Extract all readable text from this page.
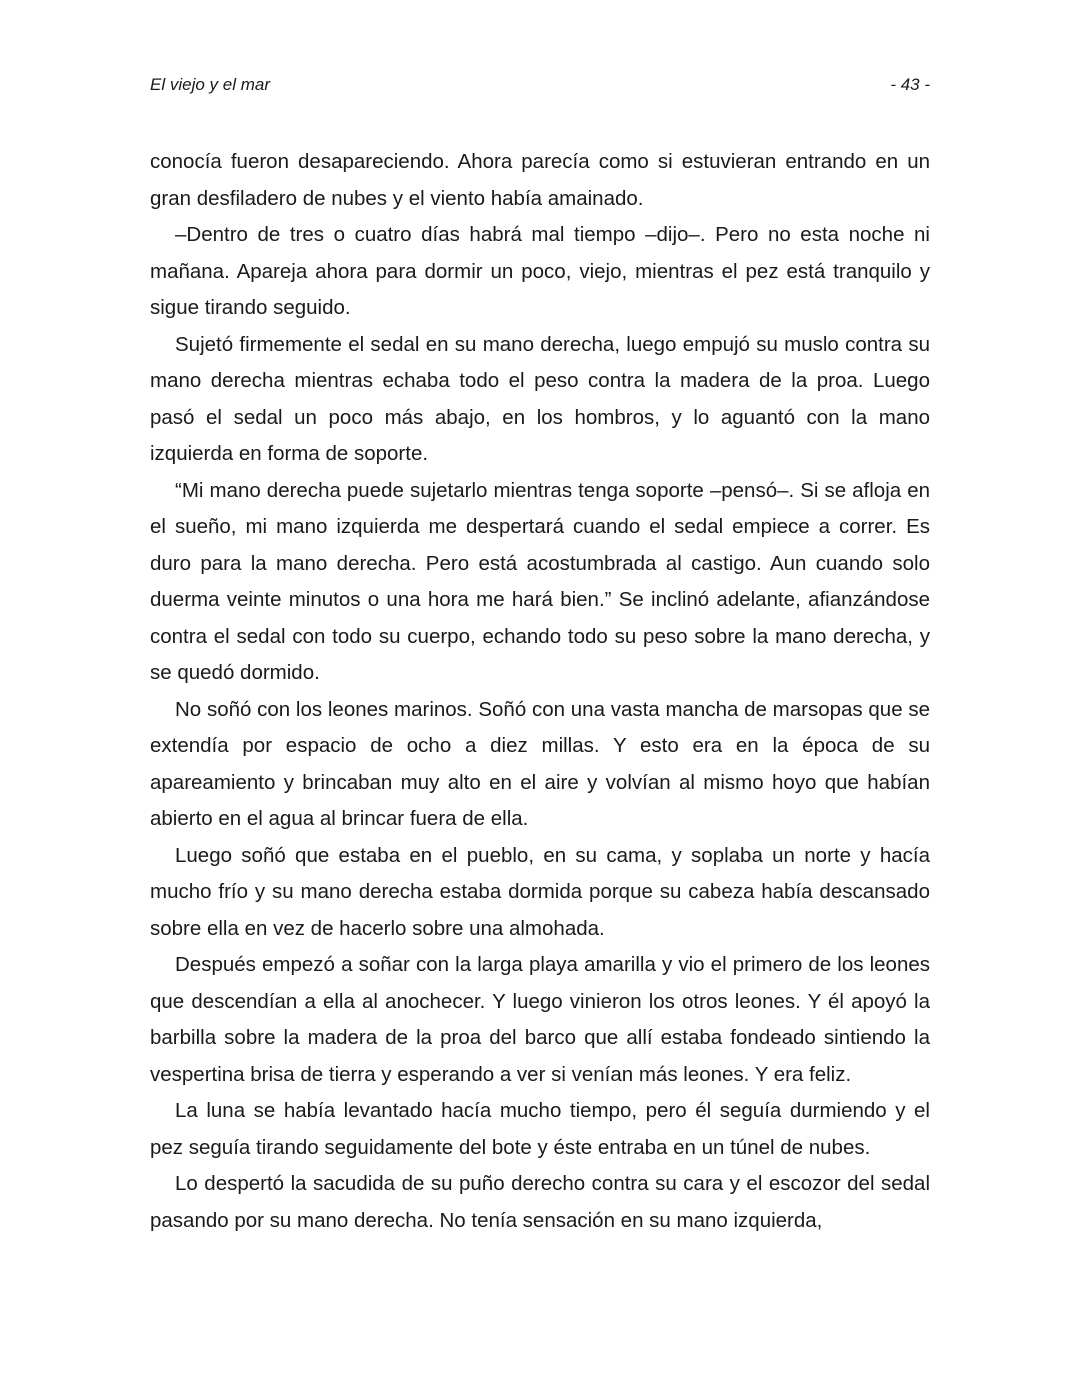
El viejo y el mar	- 43 -

conocía fueron desapareciendo. Ahora parecía como si estuvieran entrando en un gran desfiladero de nubes y el viento había amainado.

–Dentro de tres o cuatro días habrá mal tiempo –dijo–. Pero no esta noche ni mañana. Apareja ahora para dormir un poco, viejo, mientras el pez está tranquilo y sigue tirando seguido.

Sujetó firmemente el sedal en su mano derecha, luego empujó su muslo contra su mano derecha mientras echaba todo el peso contra la madera de la proa. Luego pasó el sedal un poco más abajo, en los hombros, y lo aguantó con la mano izquierda en forma de soporte.

“Mi mano derecha puede sujetarlo mientras tenga soporte –pensó–. Si se afloja en el sueño, mi mano izquierda me despertará cuando el sedal empiece a correr. Es duro para la mano derecha. Pero está acostumbrada al castigo. Aun cuando solo duerma veinte minutos o una hora me hará bien.” Se inclinó adelante, afianzándose contra el sedal con todo su cuerpo, echando todo su peso sobre la mano derecha, y se quedó dormido.

No soñó con los leones marinos. Soñó con una vasta mancha de marsopas que se extendía por espacio de ocho a diez millas. Y esto era en la época de su apareamiento y brincaban muy alto en el aire y volvían al mismo hoyo que habían abierto en el agua al brincar fuera de ella.

Luego soñó que estaba en el pueblo, en su cama, y soplaba un norte y hacía mucho frío y su mano derecha estaba dormida porque su cabeza había descansado sobre ella en vez de hacerlo sobre una almohada.

Después empezó a soñar con la larga playa amarilla y vio el primero de los leones que descendían a ella al anochecer. Y luego vinieron los otros leones. Y él apoyó la barbilla sobre la madera de la proa del barco que allí estaba fondeado sintiendo la vespertina brisa de tierra y esperando a ver si venían más leones. Y era feliz.

La luna se había levantado hacía mucho tiempo, pero él seguía durmiendo y el pez seguía tirando seguidamente del bote y éste entraba en un túnel de nubes.

Lo despertó la sacudida de su puño derecho contra su cara y el escozor del sedal pasando por su mano derecha. No tenía sensación en su mano izquierda,
